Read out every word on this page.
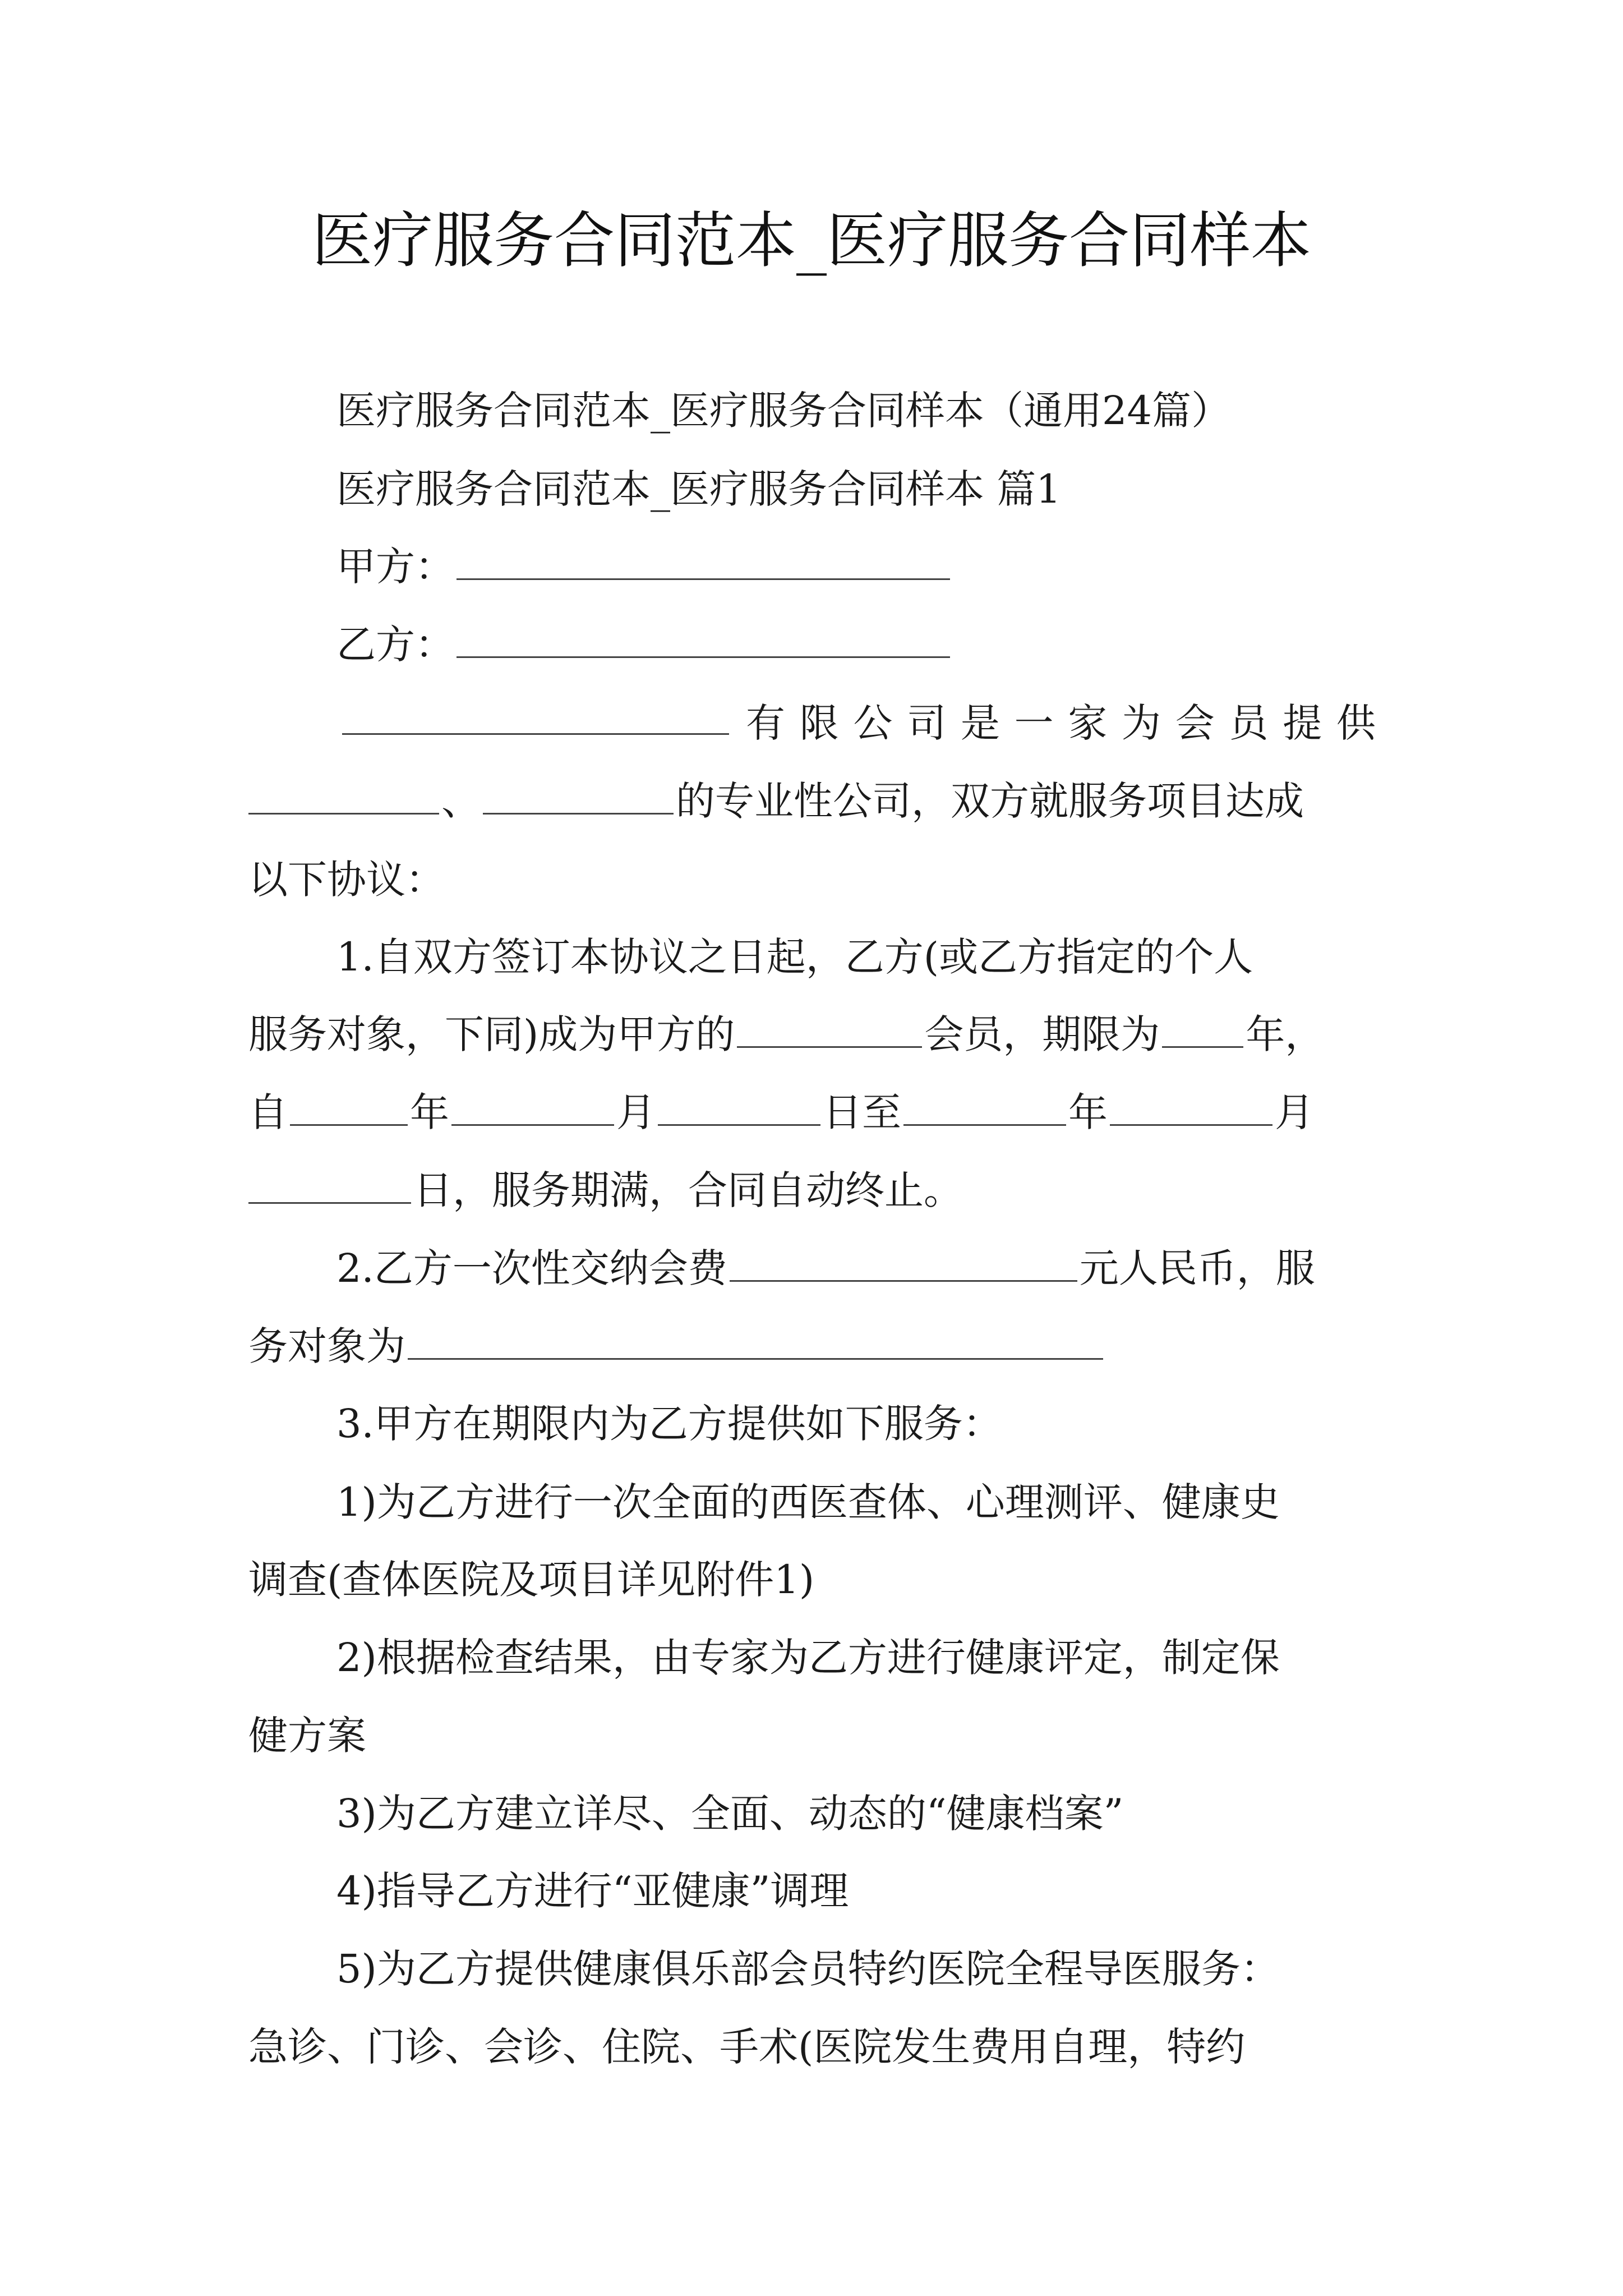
医疗服务合同范本_医疗服务合同样本
医疗服务合同范本_医疗服务合同样本（通用24篇）
医疗服务合同范本_医疗服务合同样本 篇1
甲方：
乙方：
有 限 公 司 是 一 家 为 会 员 提 供
、	的专业性公司，双方就服务项目达成
以下协议：
1.自双方签订本协议之日起，乙方(或乙方指定的个人
服务对象，下同)成为甲方的	会员，期限为 年，
自	年	月	日至	年	月
日，服务期满，合同自动终止。
2.乙方一次性交纳会费	元人民币，服
务对象为
3.甲方在期限内为乙方提供如下服务：
1)为乙方进行一次全面的西医查体、心理测评、健康史
调查(查体医院及项目详见附件1)
2)根据检查结果，由专家为乙方进行健康评定，制定保
健方案
3)为乙方建立详尽、全面、动态的“健康档案”
4)指导乙方进行“亚健康”调理
5)为乙方提供健康俱乐部会员特约医院全程导医服务：
急诊、门诊、会诊、住院、手术(医院发生费用自理，特约
